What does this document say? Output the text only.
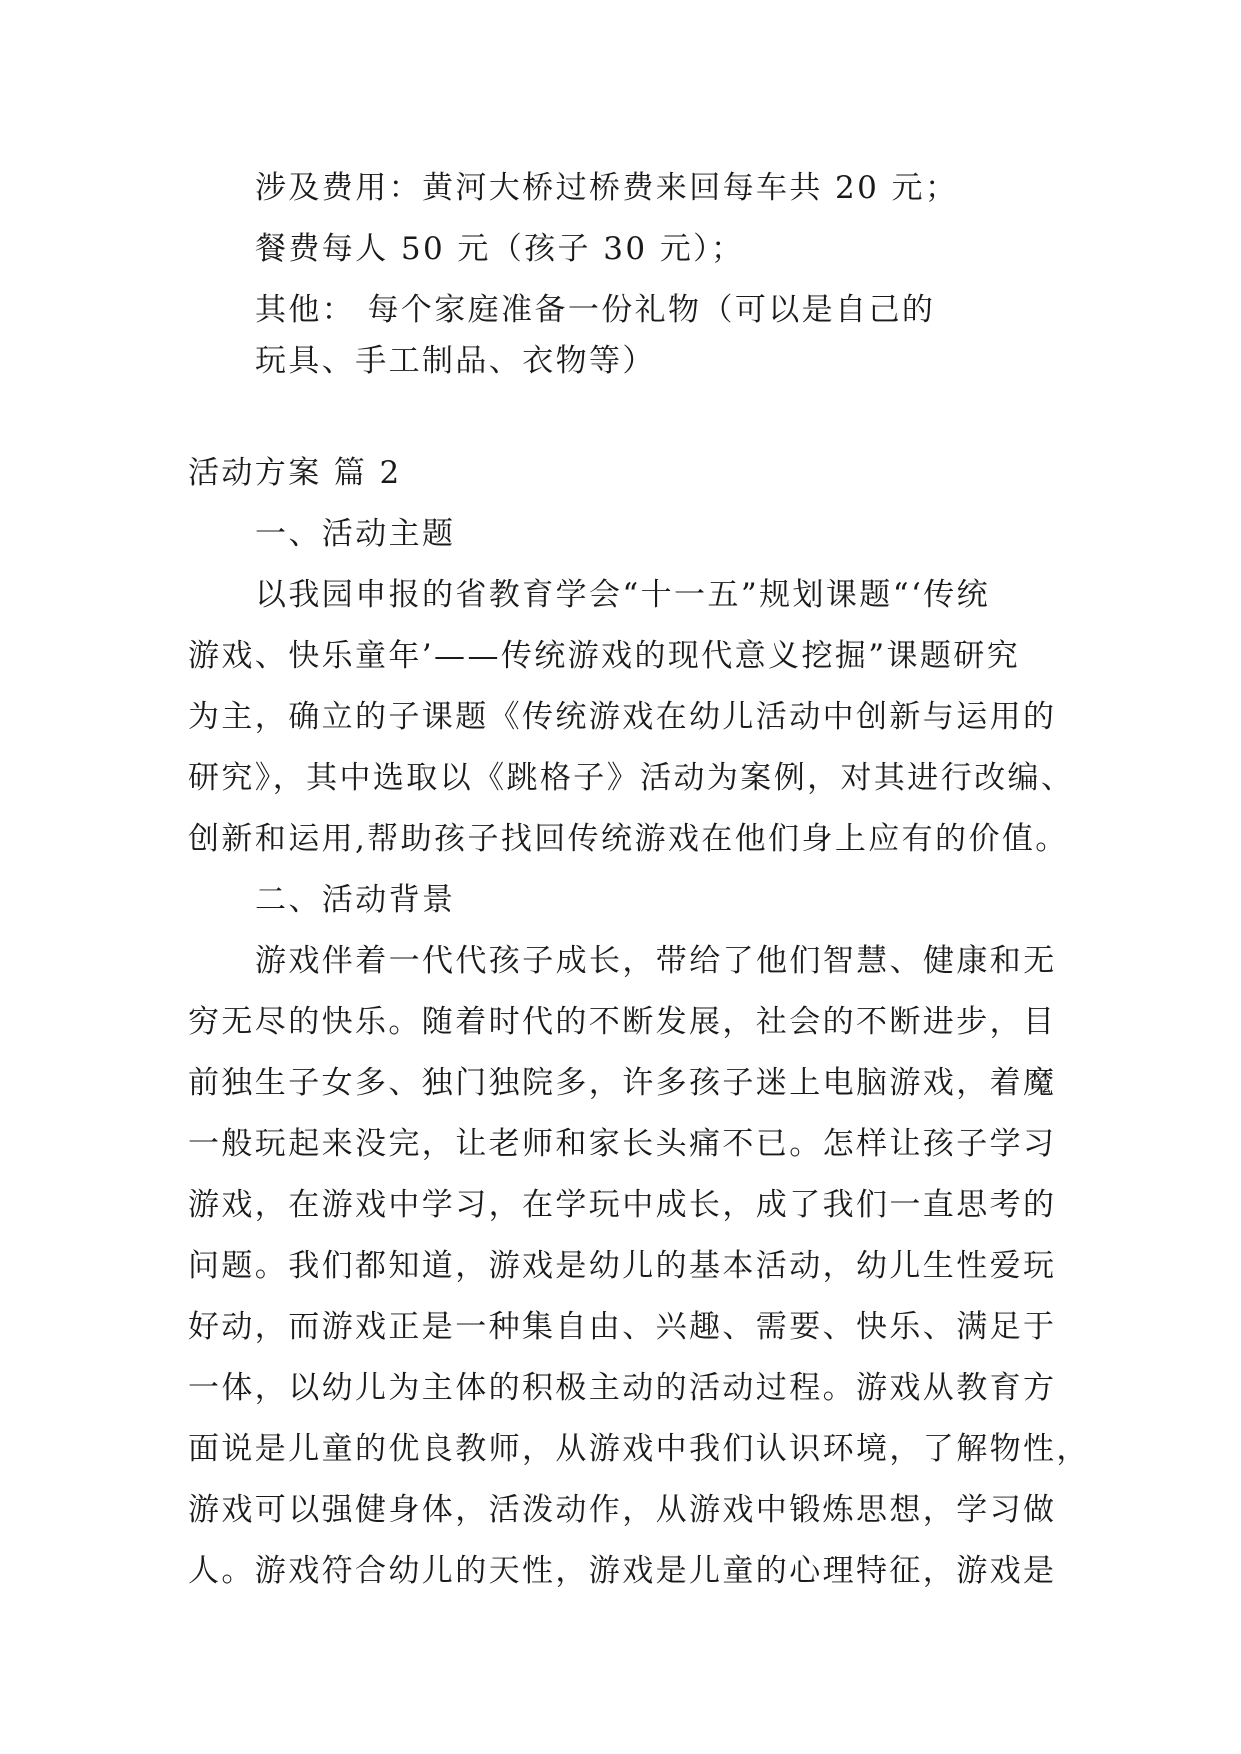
涉及费用：黄河大桥过桥费来回每车共 20 元；
餐费每人 50 元（孩子 30 元）；
其他： 每个家庭准备一份礼物（可以是自己的
玩具、手工制品、衣物等）
活动方案 篇 2
一、活动主题
以我园申报的省教育学会“十一五”规划课题“‘传统
游戏、快乐童年’——传统游戏的现代意义挖掘”课题研究
为主，确立的子课题《传统游戏在幼儿活动中创新与运用的
研究》，其中选取以《跳格子》活动为案例，对其进行改编、
创新和运用,帮助孩子找回传统游戏在他们身上应有的价值。
二、活动背景
游戏伴着一代代孩子成长，带给了他们智慧、健康和无
穷无尽的快乐。随着时代的不断发展，社会的不断进步，目
前独生子女多、独门独院多，许多孩子迷上电脑游戏，着魔
一般玩起来没完，让老师和家长头痛不已。怎样让孩子学习
游戏，在游戏中学习，在学玩中成长，成了我们一直思考的
问题。我们都知道，游戏是幼儿的基本活动，幼儿生性爱玩
好动，而游戏正是一种集自由、兴趣、需要、快乐、满足于
一体，以幼儿为主体的积极主动的活动过程。游戏从教育方
面说是儿童的优良教师，从游戏中我们认识环境，了解物性，
游戏可以强健身体，活泼动作，从游戏中锻炼思想，学习做
人。游戏符合幼儿的天性，游戏是儿童的心理特征，游戏是
